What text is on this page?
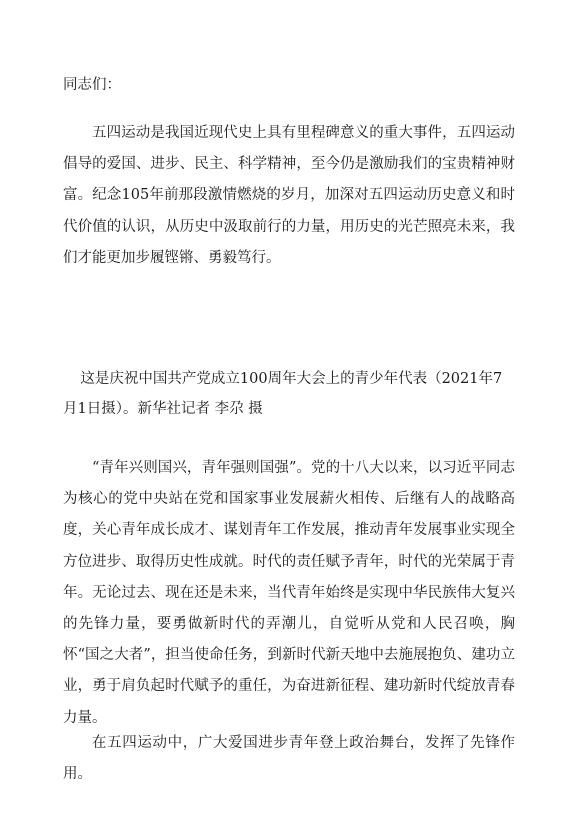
同志们：
五四运动是我国近现代史上具有里程碑意义的重大事件，五四运动倡导的爱国、进步、民主、科学精神，至今仍是激励我们的宝贵精神财富。纪念105年前那段激情燃烧的岁月，加深对五四运动历史意义和时代价值的认识，从历史中汲取前行的力量，用历史的光芒照亮未来，我们才能更加步履铿锵、勇毅笃行。
这是庆祝中国共产党成立100周年大会上的青少年代表（2021年7月1日摄）。新华社记者 李尕 摄
“青年兴则国兴，青年强则国强”。党的十八大以来，以习近平同志为核心的党中央站在党和国家事业发展薪火相传、后继有人的战略高度，关心青年成长成才、谋划青年工作发展，推动青年发展事业实现全方位进步、取得历史性成就。时代的责任赋予青年，时代的光荣属于青年。无论过去、现在还是未来，当代青年始终是实现中华民族伟大复兴的先锋力量，要勇做新时代的弄潮儿，自觉听从党和人民召唤，胸怀“国之大者”，担当使命任务，到新时代新天地中去施展抱负、建功立业，勇于肩负起时代赋予的重任，为奋进新征程、建功新时代绽放青春力量。
在五四运动中，广大爱国进步青年登上政治舞台，发挥了先锋作用。
